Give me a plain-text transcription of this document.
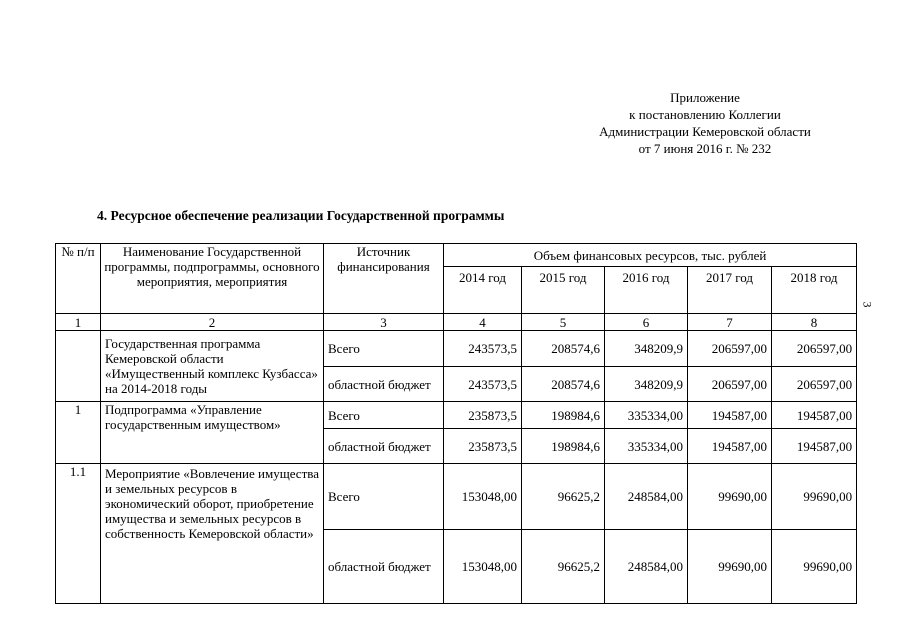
Приложение
к постановлению Коллегии
Администрации Кемеровской области
от 7 июня 2016 г. № 232
4. Ресурсное обеспечение реализации Государственной программы
3
№ п/п	Наименование Государственной программы, подпрограммы, основного мероприятия, мероприятия	Источник финансирования	Объем финансовых ресурсов, тыс. рублей				
			2014 год	2015 год	2016 год	2017 год	2018 год
1	2	3	4	5	6	7	8
	Государственная программа Кемеровской области «Имущественный комплекс Кузбасса» на 2014-2018 годы	Всего	243573,5	208574,6	348209,9	206597,00	206597,00
		областной бюджет	243573,5	208574,6	348209,9	206597,00	206597,00
1	Подпрограмма «Управление государственным имуществом»	Всего	235873,5	198984,6	335334,00	194587,00	194587,00
		областной бюджет	235873,5	198984,6	335334,00	194587,00	194587,00
1.1	Мероприятие «Вовлечение имущества и земельных ресурсов в экономический оборот, приобретение имущества и земельных ресурсов в собственность Кемеровской области»	Всего	153048,00	96625,2	248584,00	99690,00	99690,00
		областной бюджет	153048,00	96625,2	248584,00	99690,00	99690,00
